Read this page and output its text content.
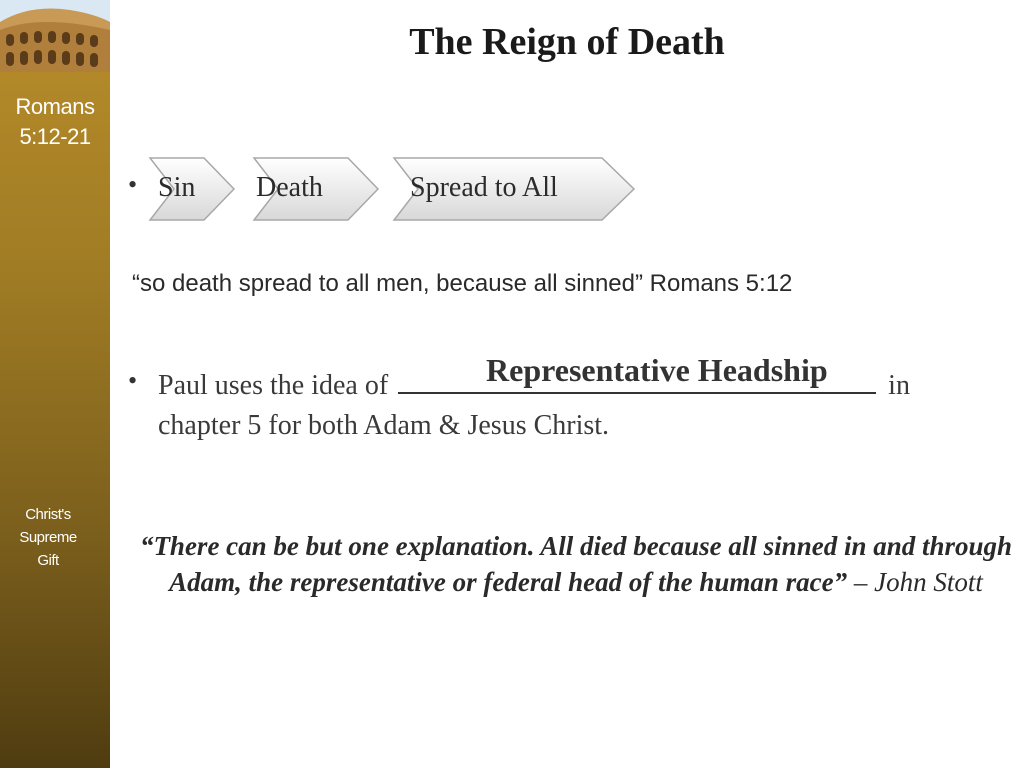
Romans 5:12-21
Christ's Supreme Gift
The Reign of Death
• Sin Death	Spread to All
“so death spread to all men, because all sinned” Romans 5:12
• Paul uses the idea of	in
chapter 5 for both Adam & Jesus Christ.
Representative Headship
“There can be but one explanation. All died because all sinned in and through Adam, the representative or federal head of the human race” – John Stott
